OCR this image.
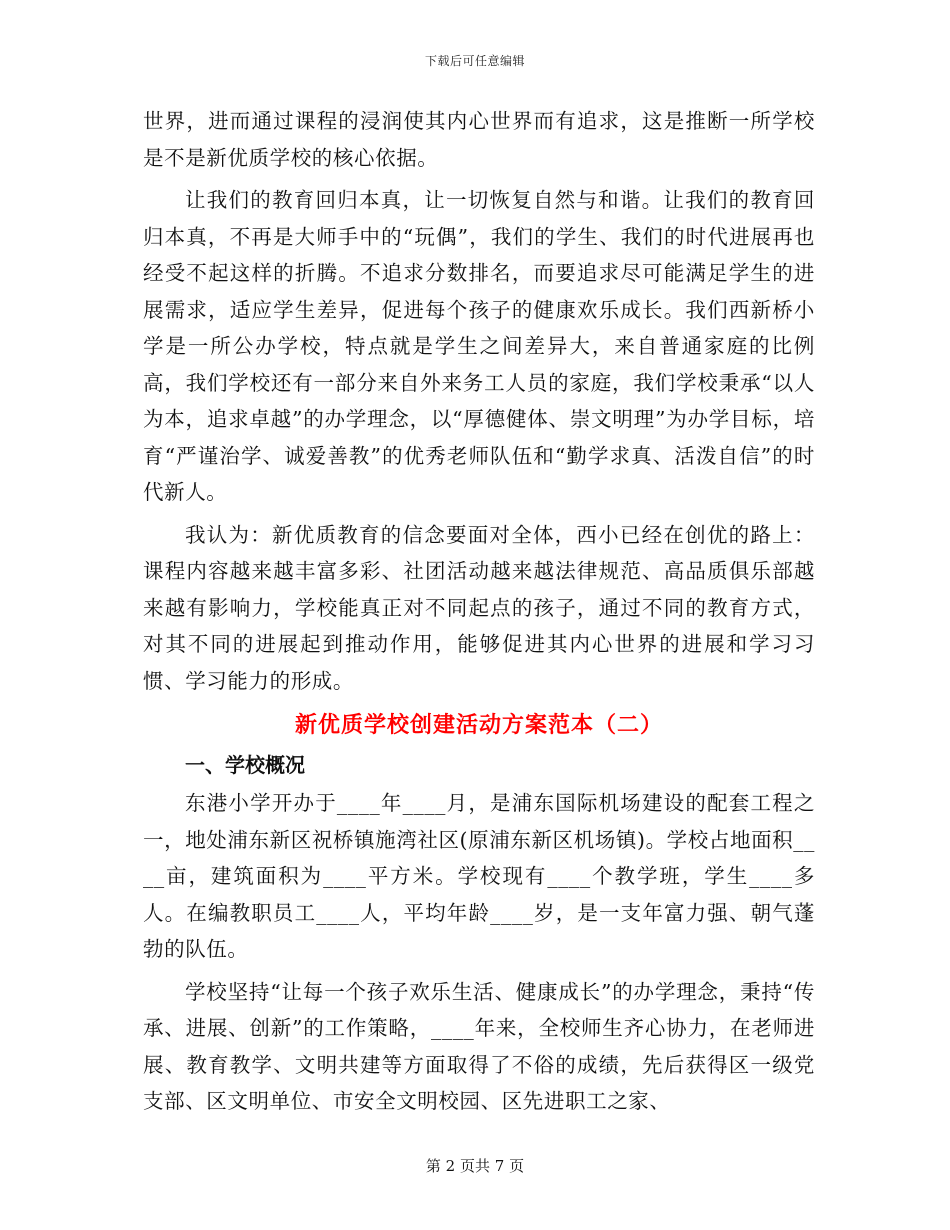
下载后可任意编辑

世界，进而通过课程的浸润使其内心世界而有追求，这是推断一所学校是不是新优质学校的核心依据。

让我们的教育回归本真，让一切恢复自然与和谐。让我们的教育回归本真，不再是大师手中的“玩偶”，我们的学生、我们的时代进展再也经受不起这样的折腾。不追求分数排名，而要追求尽可能满足学生的进展需求，适应学生差异，促进每个孩子的健康欢乐成长。我们西新桥小学是一所公办学校，特点就是学生之间差异大，来自普通家庭的比例高，我们学校还有一部分来自外来务工人员的家庭，我们学校秉承“以人为本，追求卓越”的办学理念，以“厚德健体、崇文明理”为办学目标，培育“严谨治学、诚爱善教”的优秀老师队伍和“勤学求真、活泼自信”的时代新人。

我认为：新优质教育的信念要面对全体，西小已经在创优的路上：课程内容越来越丰富多彩、社团活动越来越法律规范、高品质俱乐部越来越有影响力，学校能真正对不同起点的孩子，通过不同的教育方式，对其不同的进展起到推动作用，能够促进其内心世界的进展和学习习惯、学习能力的形成。

新优质学校创建活动方案范本（二）
一、学校概况

东港小学开办于____年____月，是浦东国际机场建设的配套工程之一，地处浦东新区祝桥镇施湾社区(原浦东新区机场镇)。学校占地面积____亩，建筑面积为____平方米。学校现有____个教学班，学生____多人。在编教职员工____人，平均年龄____岁，是一支年富力强、朝气蓬勃的队伍。

学校坚持“让每一个孩子欢乐生活、健康成长”的办学理念，秉持“传承、进展、创新”的工作策略，____年来，全校师生齐心协力，在老师进展、教育教学、文明共建等方面取得了不俗的成绩，先后获得区一级党支部、区文明单位、市安全文明校园、区先进职工之家、

第 2 页共 7 页
